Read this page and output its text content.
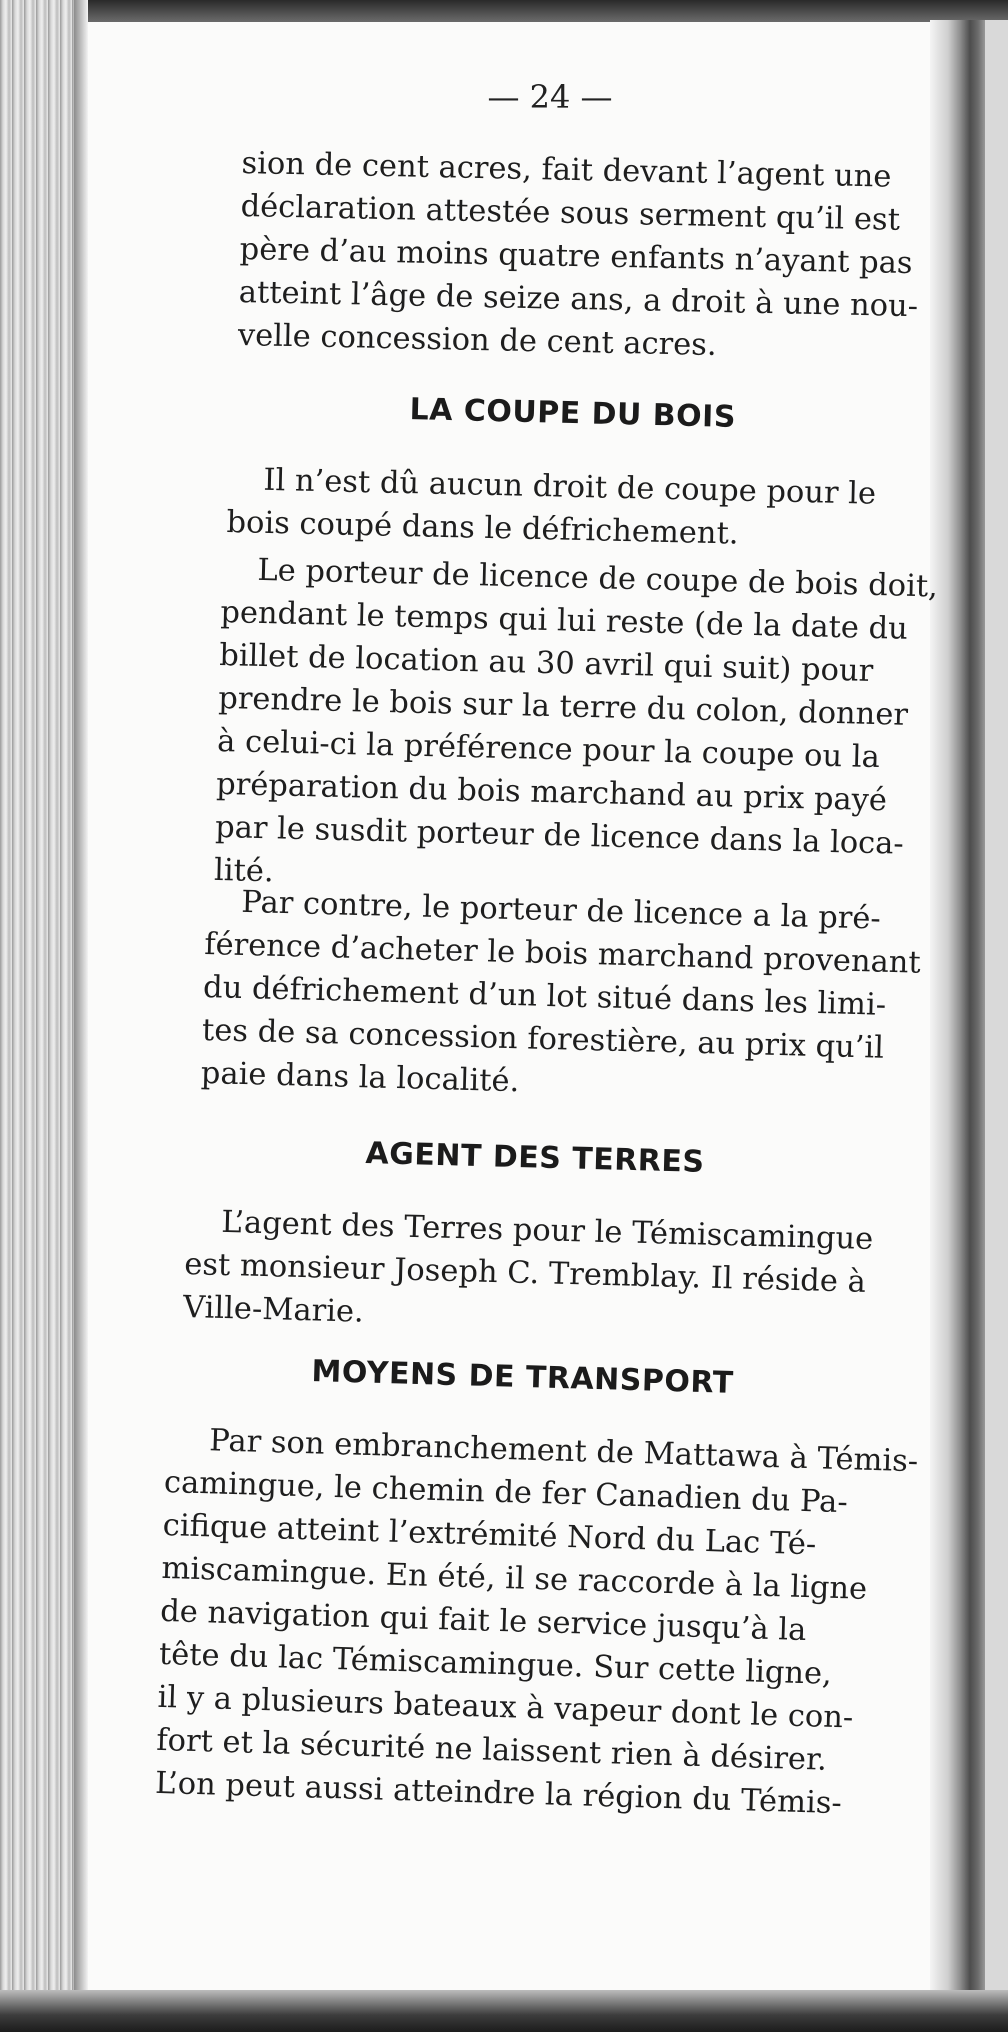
— 24 —
sion de cent acres, fait devant l’agent une
déclaration attestée sous serment qu’il est
père d’au moins quatre enfants n’ayant pas
atteint l’âge de seize ans, a droit à une nou-
velle concession de cent acres.
LA COUPE DU BOIS
Il n’est dû aucun droit de coupe pour le
bois coupé dans le défrichement.
Le porteur de licence de coupe de bois doit,
pendant le temps qui lui reste (de la date du
billet de location au 30 avril qui suit) pour
prendre le bois sur la terre du colon, donner
à celui-ci la préférence pour la coupe ou la
préparation du bois marchand au prix payé
par le susdit porteur de licence dans la loca-
lité.
Par contre, le porteur de licence a la pré-
férence d’acheter le bois marchand provenant
du défrichement d’un lot situé dans les limi-
tes de sa concession forestière, au prix qu’il
paie dans la localité.
AGENT DES TERRES
L’agent des Terres pour le Témiscamingue
est monsieur Joseph C. Tremblay. Il réside à
Ville-Marie.
MOYENS DE TRANSPORT
Par son embranchement de Mattawa à Témis-
camingue, le chemin de fer Canadien du Pa-
cifique atteint l’extrémité Nord du Lac Té-
miscamingue. En été, il se raccorde à la ligne
de navigation qui fait le service jusqu’à la
tête du lac Témiscamingue. Sur cette ligne,
il y a plusieurs bateaux à vapeur dont le con-
fort et la sécurité ne laissent rien à désirer.
L’on peut aussi atteindre la région du Témis-
